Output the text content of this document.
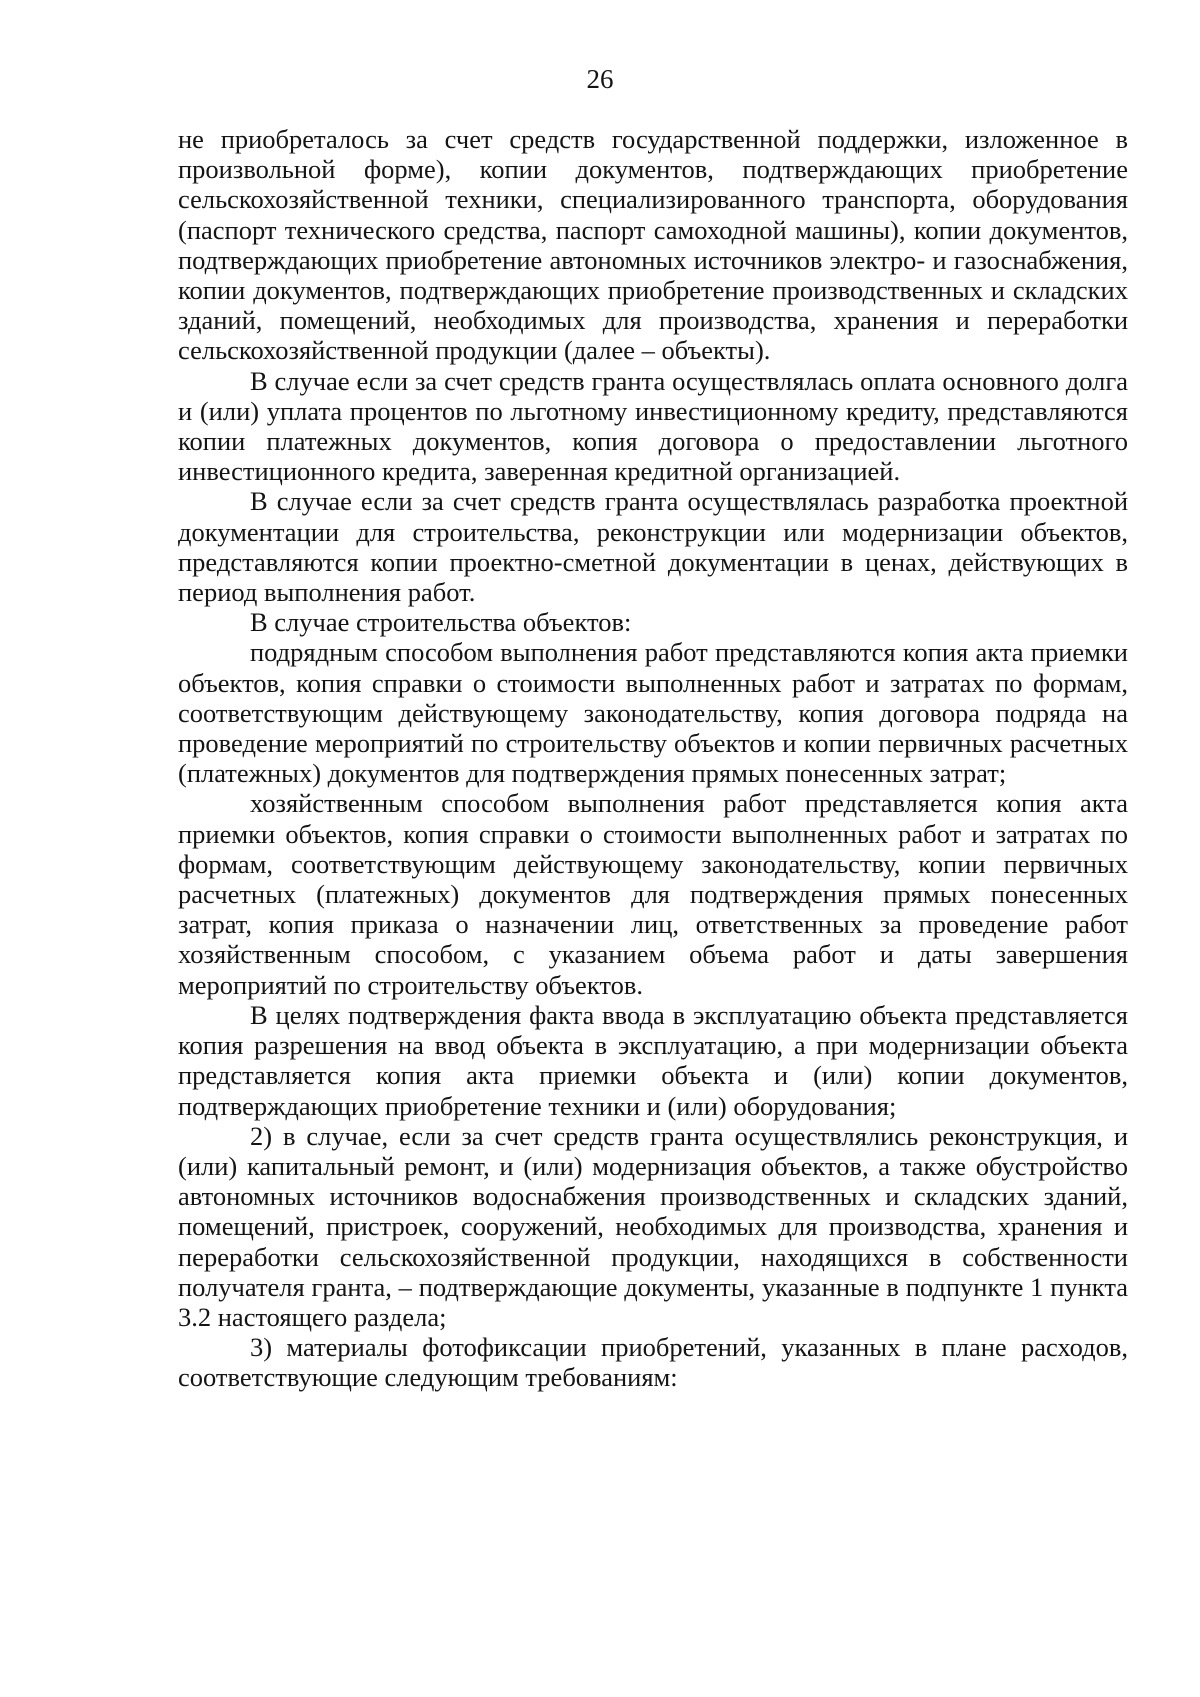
26

не приобреталось за счет средств государственной поддержки, изложенное в произвольной форме), копии документов, подтверждающих приобретение сельскохозяйственной техники, специализированного транспорта, оборудования (паспорт технического средства, паспорт самоходной машины), копии документов, подтверждающих приобретение автономных источников электро- и газоснабжения, копии документов, подтверждающих приобретение производственных и складских зданий, помещений, необходимых для производства, хранения и переработки сельскохозяйственной продукции (далее – объекты).

В случае если за счет средств гранта осуществлялась оплата основного долга и (или) уплата процентов по льготному инвестиционному кредиту, представляются копии платежных документов, копия договора о предоставлении льготного инвестиционного кредита, заверенная кредитной организацией.

В случае если за счет средств гранта осуществлялась разработка проектной документации для строительства, реконструкции или модернизации объектов, представляются копии проектно-сметной документации в ценах, действующих в период выполнения работ.

В случае строительства объектов:

подрядным способом выполнения работ представляются копия акта приемки объектов, копия справки о стоимости выполненных работ и затратах по формам, соответствующим действующему законодательству, копия договора подряда на проведение мероприятий по строительству объектов и копии первичных расчетных (платежных) документов для подтверждения прямых понесенных затрат;

хозяйственным способом выполнения работ представляется копия акта приемки объектов, копия справки о стоимости выполненных работ и затратах по формам, соответствующим действующему законодательству, копии первичных расчетных (платежных) документов для подтверждения прямых понесенных затрат, копия приказа о назначении лиц, ответственных за проведение работ хозяйственным способом, с указанием объема работ и даты завершения мероприятий по строительству объектов.

В целях подтверждения факта ввода в эксплуатацию объекта представляется копия разрешения на ввод объекта в эксплуатацию, а при модернизации объекта представляется копия акта приемки объекта и (или) копии документов, подтверждающих приобретение техники и (или) оборудования;

2) в случае, если за счет средств гранта осуществлялись реконструкция, и (или) капитальный ремонт, и (или) модернизация объектов, а также обустройство автономных источников водоснабжения производственных и складских зданий, помещений, пристроек, сооружений, необходимых для производства, хранения и переработки сельскохозяйственной продукции, находящихся в собственности получателя гранта, – подтверждающие документы, указанные в подпункте 1 пункта 3.2 настоящего раздела;

3) материалы фотофиксации приобретений, указанных в плане расходов, соответствующие следующим требованиям:
